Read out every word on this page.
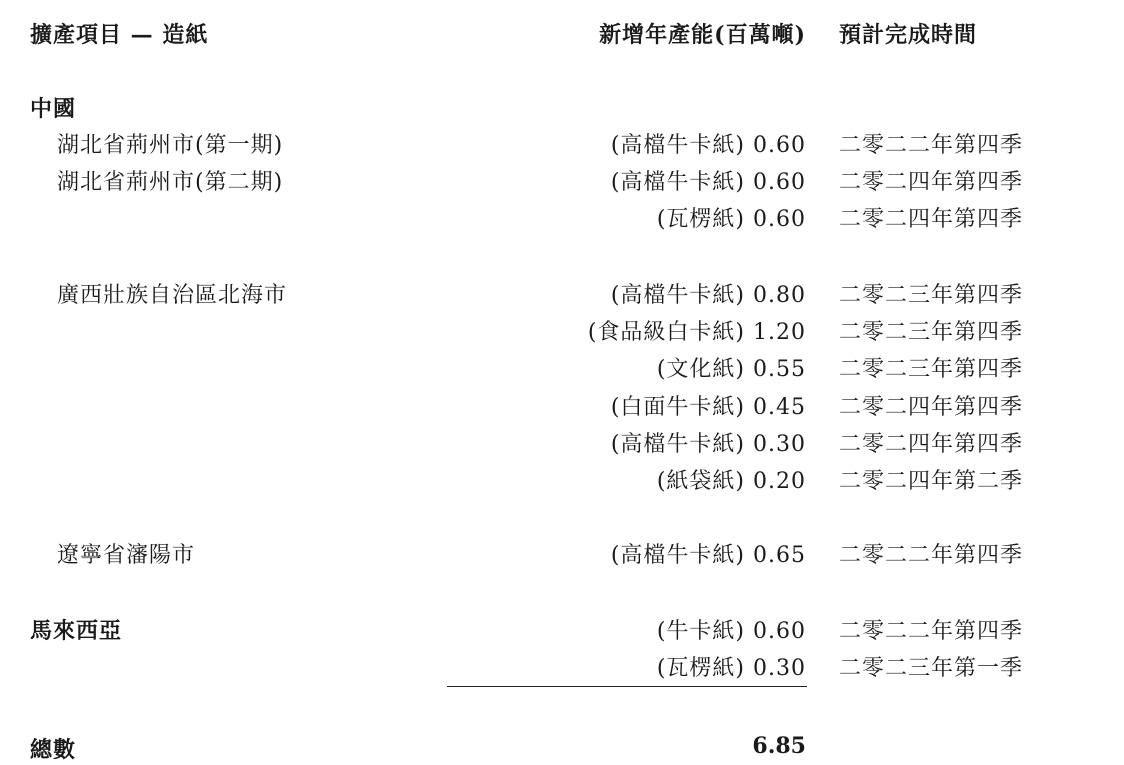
擴產項目 — 造紙	新增年產能(百萬噸) 預計完成時間
中國
湖北省荊州市(第一期)	(高檔牛卡紙) 0.60 二零二二年第四季
湖北省荊州市(第二期)	(高檔牛卡紙) 0.60 二零二四年第四季
(瓦楞紙) 0.60 二零二四年第四季
廣西壯族自治區北海市	(高檔牛卡紙) 0.80 二零二三年第四季
(食品級白卡紙) 1.20 二零二三年第四季
(文化紙) 0.55 二零二三年第四季
(白面牛卡紙) 0.45 二零二四年第四季
(高檔牛卡紙) 0.30 二零二四年第四季
(紙袋紙) 0.20 二零二四年第二季
遼寧省瀋陽市	(高檔牛卡紙) 0.65 二零二二年第四季
馬來西亞	(牛卡紙) 0.60 二零二二年第四季
(瓦楞紙) 0.30 二零二三年第一季
總數	6.85
